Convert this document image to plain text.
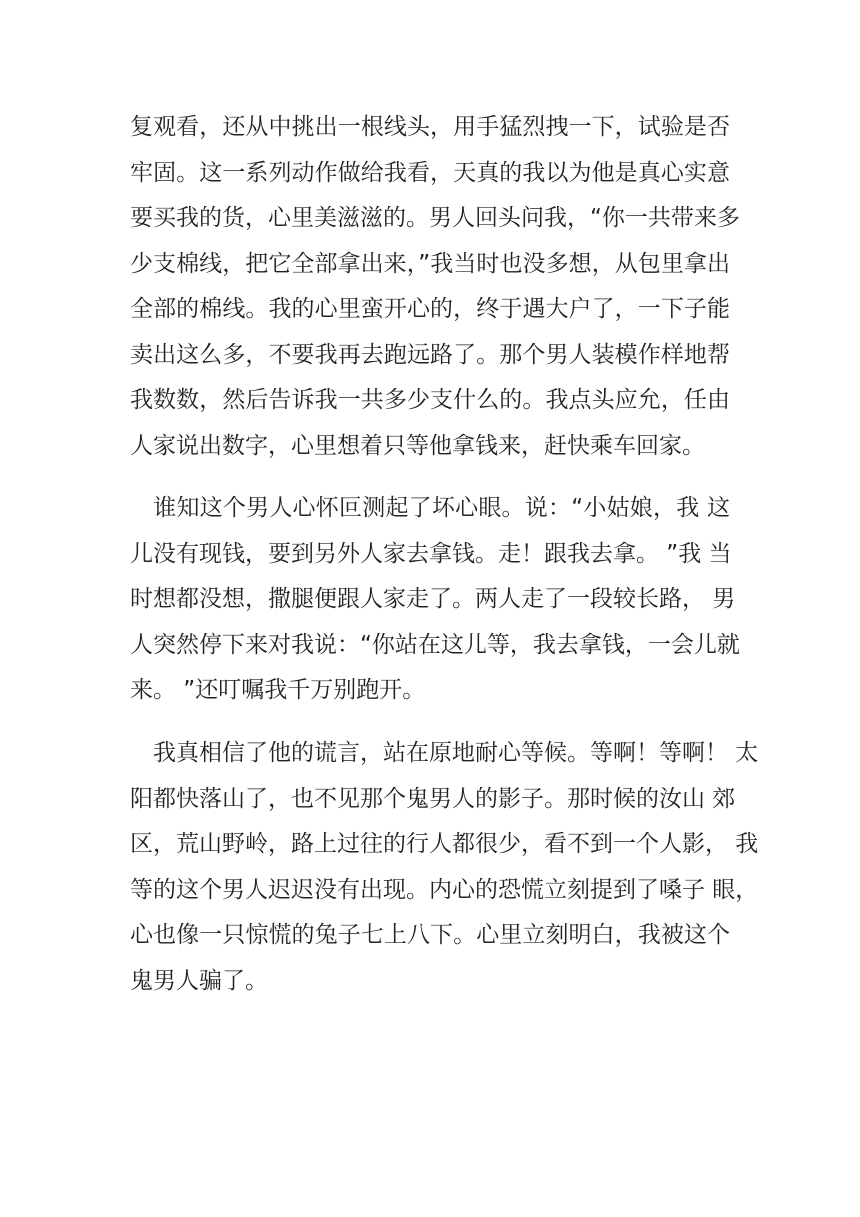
复观看，还从中挑出一根线头，用手猛烈拽一下，试验是否
牢固。这一系列动作做给我看，天真的我以为他是真心实意
要买我的货，心里美滋滋的。男人回头问我，“你一共带来多
少支棉线，把它全部拿出来，”我当时也没多想，从包里拿出
全部的棉线。我的心里蛮开心的，终于遇大户了，一下子能
卖出这么多，不要我再去跑远路了。那个男人装模作样地帮
我数数，然后告诉我一共多少支什么的。我点头应允，任由
人家说出数字，心里想着只等他拿钱来，赶快乘车回家。
　谁知这个男人心怀叵测起了坏心眼。说：“小姑娘，我 这
儿没有现钱，要到另外人家去拿钱。走！跟我去拿。 ”我 当
时想都没想，撒腿便跟人家走了。两人走了一段较长路， 男
人突然停下来对我说：“你站在这儿等，我去拿钱，一会儿就
来。 ”还叮嘱我千万别跑开。
　我真相信了他的谎言，站在原地耐心等候。等啊！等啊！ 太
阳都快落山了，也不见那个鬼男人的影子。那时候的汝山 郊
区，荒山野岭，路上过往的行人都很少，看不到一个人影， 我
等的这个男人迟迟没有出现。内心的恐慌立刻提到了嗓子 眼，
心也像一只惊慌的兔子七上八下。心里立刻明白，我被这个
鬼男人骗了。
